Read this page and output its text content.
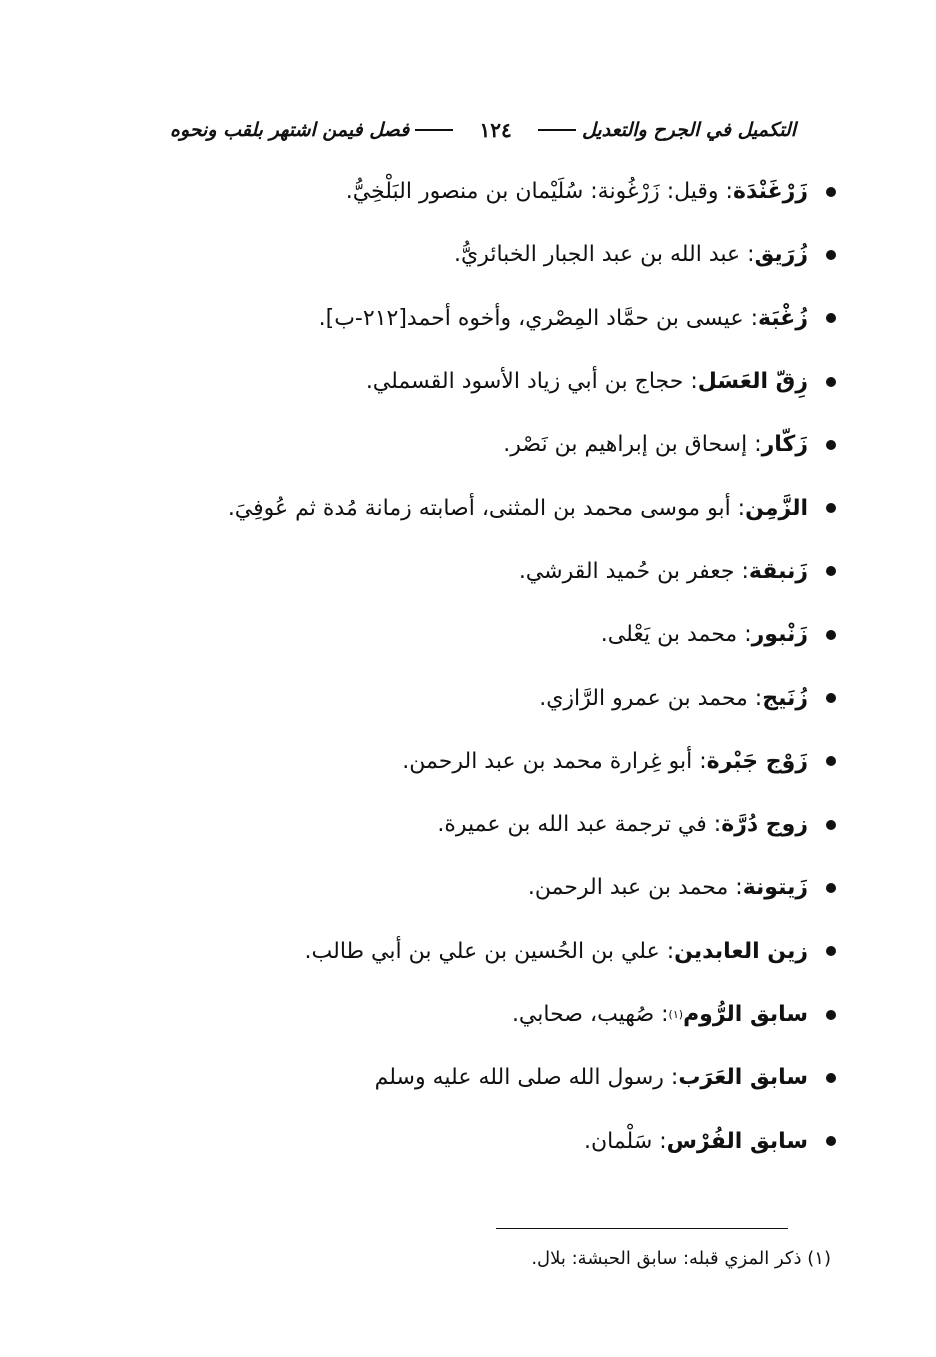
التكميل في الجرح والتعديل
١٢٤
فصل فيمن اشتهر بلقب ونحوه
زَرْغَنْدَة
: وقيل: زَرْغُونة: سُلَيْمان بن منصور البَلْخِيُّ.
زُرَيق
: عبد الله بن عبد الجبار الخبائريُّ.
زُغْبَة
: عيسى بن حمَّاد المِصْري، وأخوه أحمد[٢١٢-ب].
زِقّ العَسَل
: حجاج بن أبي زياد الأسود القسملي.
زَكّار
: إسحاق بن إبراهيم بن نَصْر.
الزَّمِن
: أبو موسى محمد بن المثنى، أصابته زمانة مُدة ثم عُوفِيَ.
زَنبقة
: جعفر بن حُميد القرشي.
زَنْبور
: محمد بن يَعْلى.
زُنَيج
: محمد بن عمرو الرَّازي.
زَوْج جَبْرة
: أبو غِرارة محمد بن عبد الرحمن.
زوج دُرَّة
: في ترجمة عبد الله بن عميرة.
زَيتونة
: محمد بن عبد الرحمن.
زين العابدين
: علي بن الحُسين بن علي بن أبي طالب.
سابق الرُّوم
(١)
: صُهيب، صحابي.
سابق العَرَب
: رسول الله صلى الله عليه وسلم
سابق الفُرْس
: سَلْمان.
(١) ذكر المزي قبله: سابق الحبشة: بلال.
